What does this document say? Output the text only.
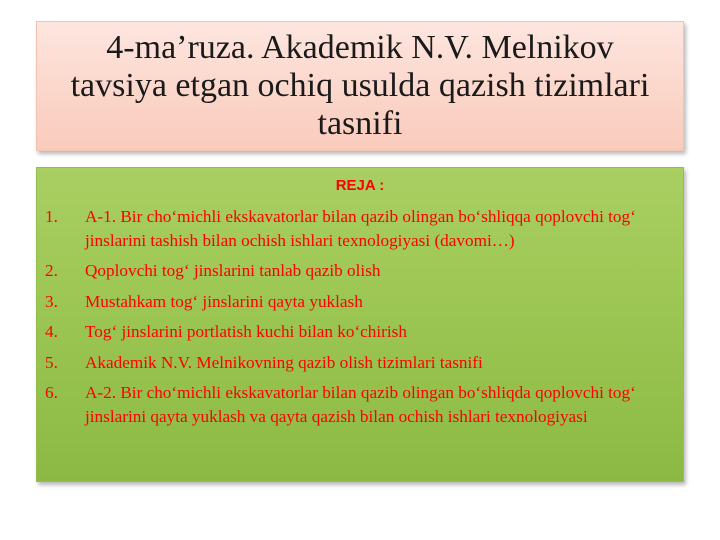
4-ma’ruza. Akademik N.V. Melnikov tavsiya etgan ochiq usulda qazish tizimlari tasnifi
REJA :
1.	A-1. Bir cho‘michli ekskavatorlar bilan qazib olingan bo‘shliqqa qoplovchi tog‘ jinslarini tashish bilan ochish ishlari texnologiyasi (davomi…)
2.	Qoplovchi tog‘ jinslarini tanlab qazib olish
3.	Mustahkam tog‘ jinslarini qayta yuklash
4.	Tog‘ jinslarini portlatish kuchi bilan ko‘chirish
5.	Akademik N.V. Melnikovning qazib olish tizimlari tasnifi
6.	A-2. Bir cho‘michli ekskavatorlar bilan qazib olingan bo‘shliqda qoplovchi tog‘ jinslarini qayta yuklash va qayta qazish bilan ochish ishlari texnologiyasi
